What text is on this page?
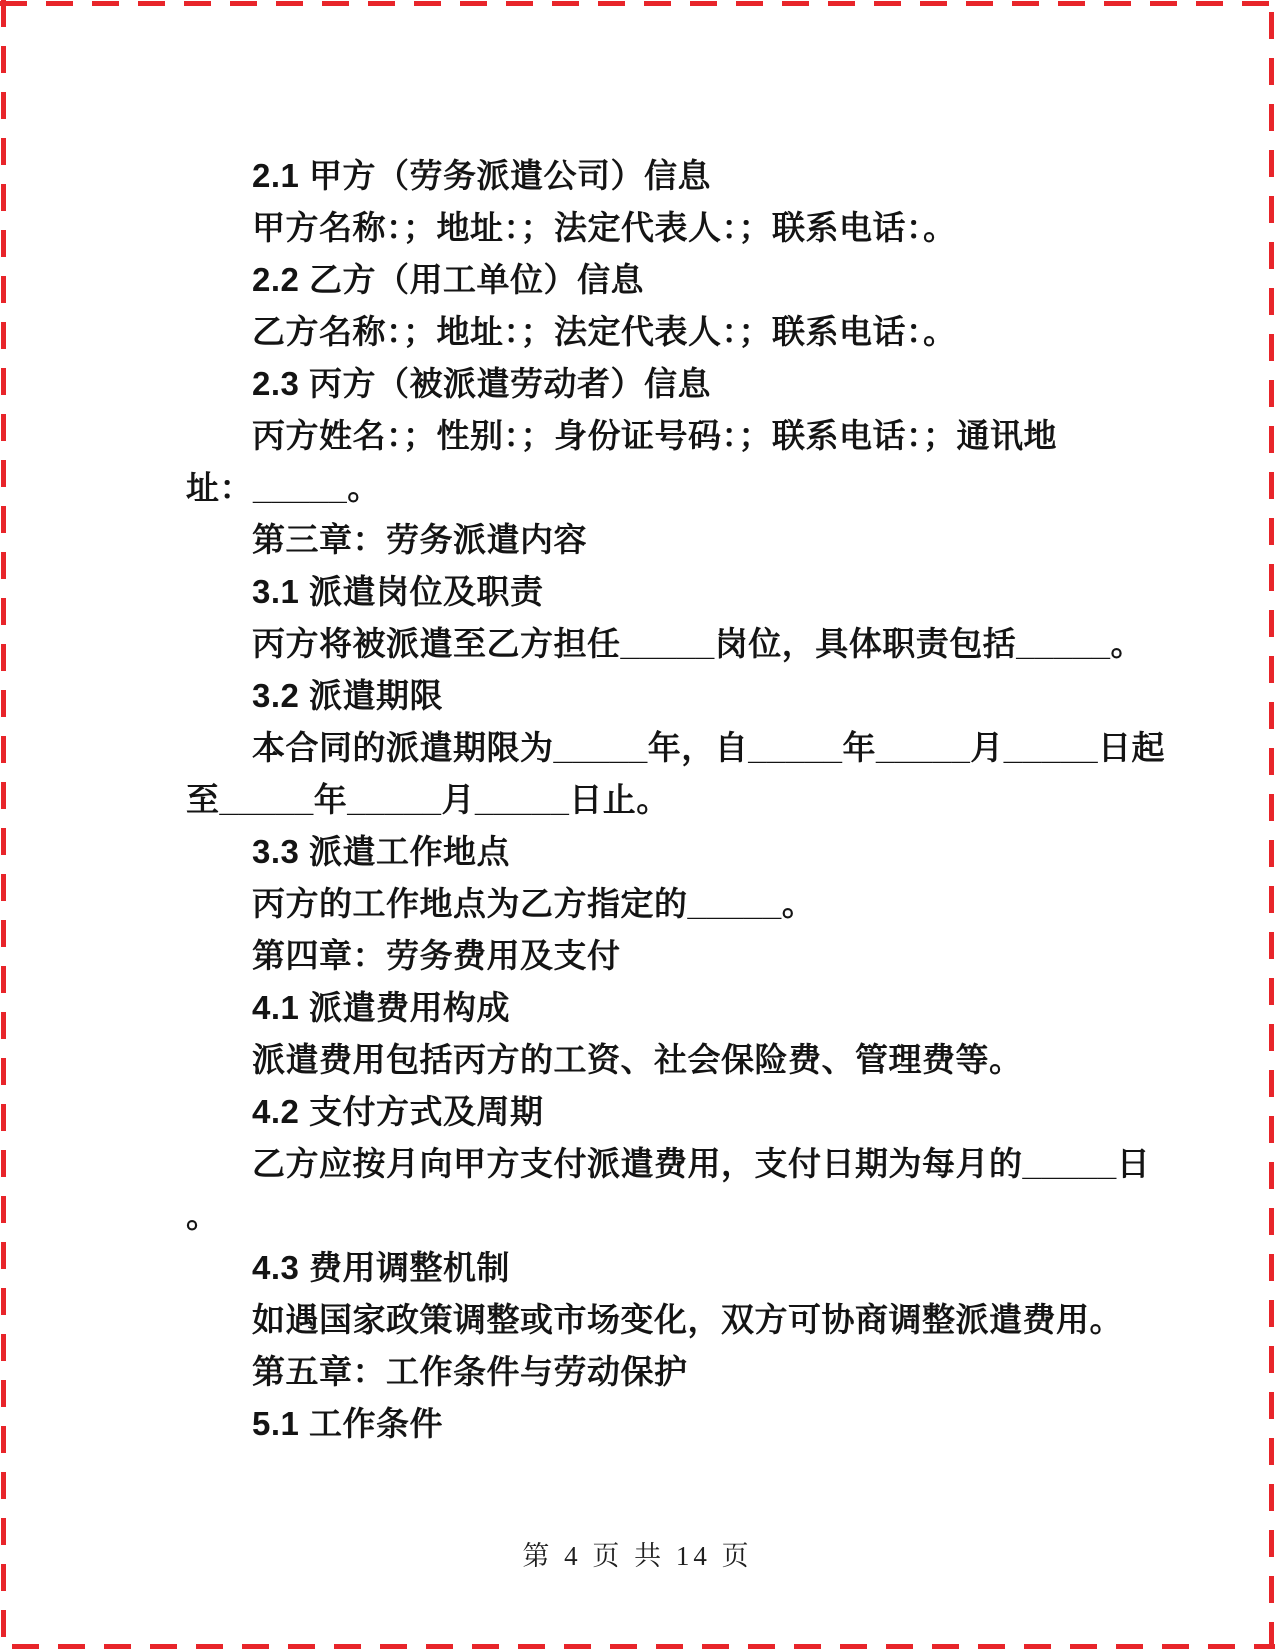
2.1 甲方（劳务派遣公司）信息
甲方名称：；地址：；法定代表人：；联系电话：。
2.2 乙方（用工单位）信息
乙方名称：；地址：；法定代表人：；联系电话：。
2.3 丙方（被派遣劳动者）信息
丙方姓名：；性别：；身份证号码：；联系电话：；通讯地
址：_____。
第三章：劳务派遣内容
3.1 派遣岗位及职责
丙方将被派遣至乙方担任_____岗位，具体职责包括_____。
3.2 派遣期限
本合同的派遣期限为_____年，自_____年_____月_____日起
至_____年_____月_____日止。
3.3 派遣工作地点
丙方的工作地点为乙方指定的_____。
第四章：劳务费用及支付
4.1 派遣费用构成
派遣费用包括丙方的工资、社会保险费、管理费等。
4.2 支付方式及周期
乙方应按月向甲方支付派遣费用，支付日期为每月的_____日
。
4.3 费用调整机制
如遇国家政策调整或市场变化，双方可协商调整派遣费用。
第五章：工作条件与劳动保护
5.1 工作条件
第 4 页 共 14 页
